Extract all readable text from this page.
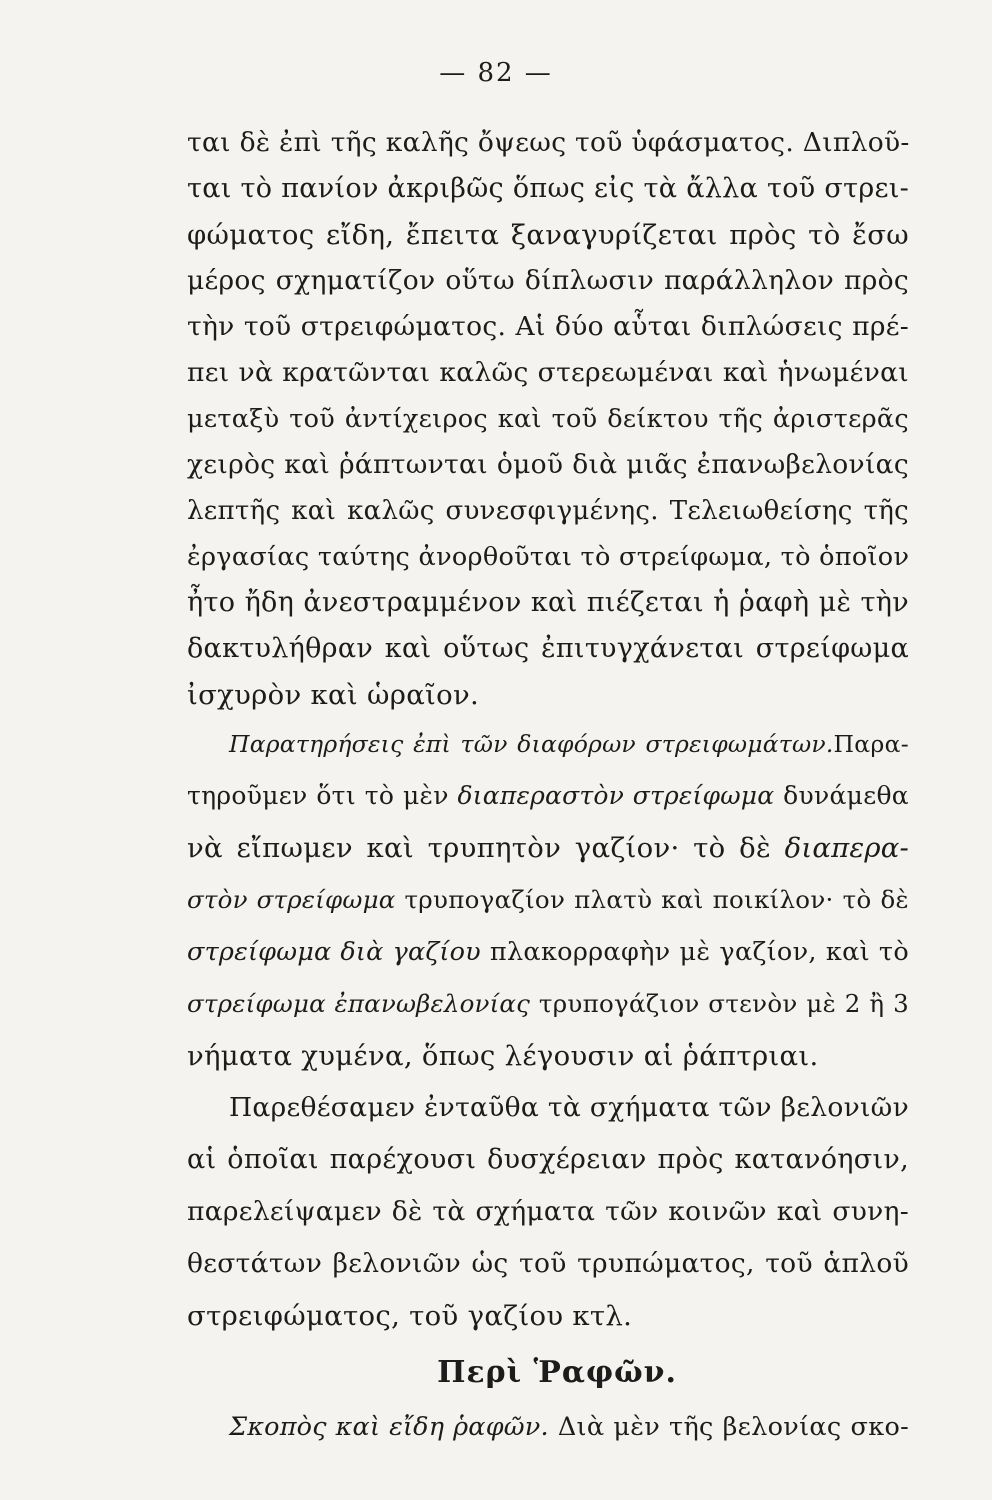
— 82 —
ται δὲ ἐπὶ τῆς καλῆς ὄψεως τοῦ ὑφάσματος. Διπλοῦ-
ται τὸ πανίον ἀκριβῶς ὅπως εἰς τὰ ἄλλα τοῦ στρει-
φώματος εἴδη, ἔπειτα ξαναγυρίζεται πρὸς τὸ ἔσω
μέρος σχηματίζον οὕτω δίπλωσιν παράλληλον πρὸς
τὴν τοῦ στρειφώματος. Αἱ δύο αὗται διπλώσεις πρέ-
πει νὰ κρατῶνται καλῶς στερεωμέναι καὶ ἡνωμέναι
μεταξὺ τοῦ ἀντίχειρος καὶ τοῦ δείκτου τῆς ἀριστερᾶς
χειρὸς καὶ ῥάπτωνται ὁμοῦ διὰ μιᾶς ἐπανωβελονίας
λεπτῆς καὶ καλῶς συνεσφιγμένης. Τελειωθείσης τῆς
ἐργασίας ταύτης ἀνορθοῦται τὸ στρείφωμα, τὸ ὁποῖον
ἦτο ἤδη ἀνεστραμμένον καὶ πιέζεται ἡ ῥαφὴ μὲ τὴν
δακτυλήθραν καὶ οὕτως ἐπιτυγχάνεται στρείφωμα
ἰσχυρὸν καὶ ὡραῖον.
Παρατηρήσεις ἐπὶ τῶν διαφόρων στρειφωμάτων.Παρα-
τηροῦμεν ὅτι τὸ μὲν διαπεραστὸν στρείφωμα δυνάμεθα
νὰ εἴπωμεν καὶ τρυπητὸν γαζίον· τὸ δὲ διαπερα-
στὸν στρείφωμα τρυπογαζίον πλατὺ καὶ ποικίλον· τὸ δὲ
στρείφωμα διὰ γαζίου πλακορραφὴν μὲ γαζίον, καὶ τὸ
στρείφωμα ἐπανωβελονίας τρυπογάζιον στενὸν μὲ 2 ἢ 3
νήματα χυμένα, ὅπως λέγουσιν αἱ ῥάπτριαι.
Παρεθέσαμεν ἐνταῦθα τὰ σχήματα τῶν βελονιῶν
αἱ ὁποῖαι παρέχουσι δυσχέρειαν πρὸς κατανόησιν,
παρελείψαμεν δὲ τὰ σχήματα τῶν κοινῶν καὶ συνη-
θεστάτων βελονιῶν ὡς τοῦ τρυπώματος, τοῦ ἁπλοῦ
στρειφώματος, τοῦ γαζίου κτλ.
Περὶ Ῥαφῶν.
Σκοπὸς καὶ εἴδη ῥαφῶν. Διὰ μὲν τῆς βελονίας σκο-
